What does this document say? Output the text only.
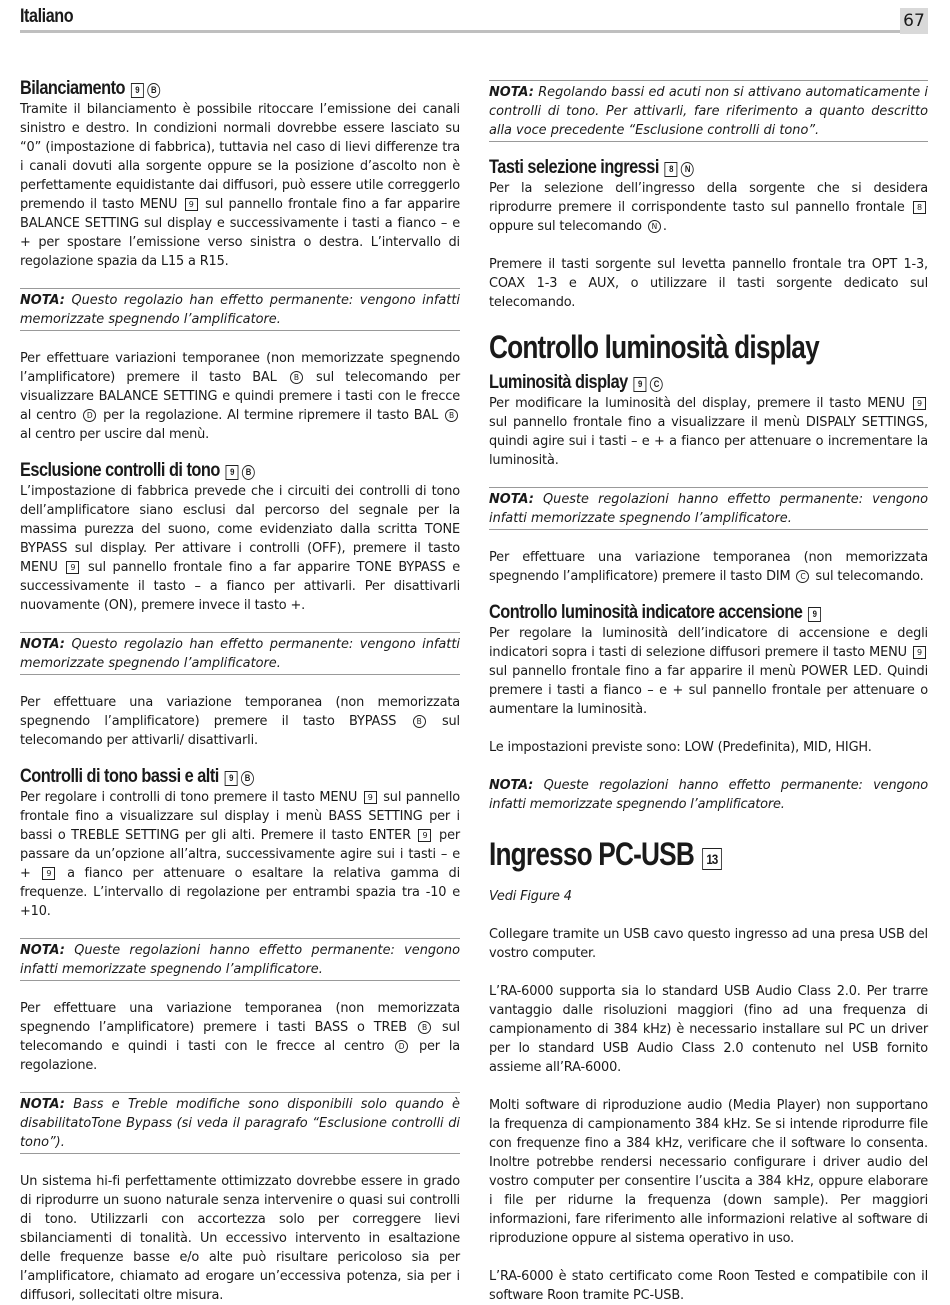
Italiano	67
Bilanciamento 9 B

Tramite il bilanciamento è possibile ritoccare l’emissione dei canali sinistro e destro. In condizioni normali dovrebbe essere lasciato su “0” (impostazione di fabbrica), tuttavia nel caso di lievi differenze tra i canali dovuti alla sorgente oppure se la posizione d’ascolto non è perfettamente equidistante dai diffusori, può essere utile correggerlo premendo il tasto MENU 9 sul pannello frontale fino a far apparire BALANCE SETTING sul display e successivamente i tasti a fianco – e + per spostare l’emissione verso sinistra o destra. L’intervallo di regolazione spazia da L15 a R15.

NOTA: Questo regolazio han effetto permanente: vengono infatti memorizzate spegnendo l’amplificatore.

Per effettuare variazioni temporanee (non memorizzate spegnendo l’amplificatore) premere il tasto BAL B sul telecomando per visualizzare BALANCE SETTING e quindi premere i tasti con le frecce al centro D per la regolazione. Al termine ripremere il tasto BAL B al centro per uscire dal menù.

Esclusione controlli di tono 9 B

L’impostazione di fabbrica prevede che i circuiti dei controlli di tono dell’amplificatore siano esclusi dal percorso del segnale per la massima purezza del suono, come evidenziato dalla scritta TONE BYPASS sul display. Per attivare i controlli (OFF), premere il tasto MENU 9 sul pannello frontale fino a far apparire TONE BYPASS e successivamente il tasto – a fianco per attivarli. Per disattivarli nuovamente (ON), premere invece il tasto +.

NOTA: Questo regolazio han effetto permanente: vengono infatti memorizzate spegnendo l’amplificatore.

Per effettuare una variazione temporanea (non memorizzata spegnendo l’amplificatore) premere il tasto BYPASS	B sul telecomando per attivarli/ disattivarli.

Controlli di tono bassi e alti 9 B

Per regolare i controlli di tono premere il tasto MENU 9 sul pannello frontale fino a visualizzare sul display i menù BASS SETTING per i bassi o TREBLE SETTING per gli alti. Premere il tasto ENTER 9 per passare da un’opzione all’altra, successivamente agire sui i tasti – e + 9 a fianco per attenuare o esaltare la relativa gamma di frequenze. L’intervallo di regolazione per entrambi spazia tra -10 e +10.

NOTA: Queste regolazioni hanno effetto permanente: vengono infatti memorizzate spegnendo l’amplificatore.

Per effettuare una variazione temporanea (non memorizzata spegnendo l’amplificatore) premere i tasti BASS o TREB B sul telecomando e quindi i tasti con le frecce al centro D per la regolazione.

NOTA: Bass e Treble modifiche sono disponibili solo quando è disabilitatoTone Bypass (si veda il paragrafo “Esclusione controlli di tono”).

Un sistema hi-fi perfettamente ottimizzato dovrebbe essere in grado di riprodurre un suono naturale senza intervenire o quasi sui controlli di tono. Utilizzarli con accortezza solo per correggere lievi sbilanciamenti di tonalità. Un eccessivo intervento in esaltazione delle frequenze basse e/o alte può risultare pericoloso sia per l’amplificatore, chiamato ad erogare un’eccessiva potenza, sia per i diffusori, sollecitati oltre misura.

NOTA: Regolando bassi ed acuti non si attivano automaticamente i controlli di tono. Per attivarli, fare riferimento a quanto descritto alla voce precedente “Esclusione controlli di tono”.
Tasti selezione ingressi 8 N

Per la selezione dell’ingresso della sorgente che si desidera riprodurre premere il corrispondente tasto sul pannello frontale 8 oppure sul telecomando N .

Premere il tasti sorgente sul levetta pannello frontale tra OPT 1-3, COAX 1-3 e AUX, o utilizzare il tasti sorgente dedicato sul telecomando.

Controllo luminosità display
Luminosità display 9 C

Per modificare la luminosità del display, premere il tasto MENU 9 sul pannello frontale fino a visualizzare il menù DISPALY SETTINGS, quindi agire sui i tasti – e + a fianco per attenuare o incrementare la luminosità.

NOTA: Queste regolazioni hanno effetto permanente: vengono infatti memorizzate spegnendo l’amplificatore.

Per effettuare una variazione temporanea (non memorizzata spegnendo l’amplificatore) premere il tasto DIM C sul telecomando.

Controllo luminosità indicatore accensione 9

Per regolare la luminosità dell’indicatore di accensione e degli indicatori sopra i tasti di selezione diffusori premere il tasto MENU 9 sul pannello frontale fino a far apparire il menù POWER LED. Quindi premere i tasti a fianco – e + sul pannello frontale per attenuare o aumentare la luminosità.

Le impostazioni previste sono: LOW (Predefinita), MID, HIGH.

NOTA: Queste regolazioni hanno effetto permanente: vengono infatti memorizzate spegnendo l’amplificatore.

Ingresso PC-USB 13

Vedi Figure 4

Collegare tramite un USB cavo questo ingresso ad una presa USB del vostro computer.

L’RA-6000 supporta sia lo standard USB Audio Class 2.0. Per trarre vantaggio dalle risoluzioni maggiori (fino ad una frequenza di campionamento di 384 kHz) è necessario installare sul PC un driver per lo standard USB Audio Class 2.0 contenuto nel USB fornito assieme all’RA-6000.

Molti software di riproduzione audio (Media Player) non supportano la frequenza di campionamento 384 kHz. Se si intende riprodurre file con frequenze fino a 384 kHz, verificare che il software lo consenta. Inoltre potrebbe rendersi necessario configurare i driver audio del vostro computer per consentire l’uscita a 384 kHz, oppure elaborare i file per ridurne la frequenza (down sample). Per maggiori informazioni, fare riferimento alle informazioni relative al software di riproduzione oppure al sistema operativo in uso.

L’RA-6000 è stato certificato come Roon Tested e compatibile con il software Roon tramite PC-USB.
